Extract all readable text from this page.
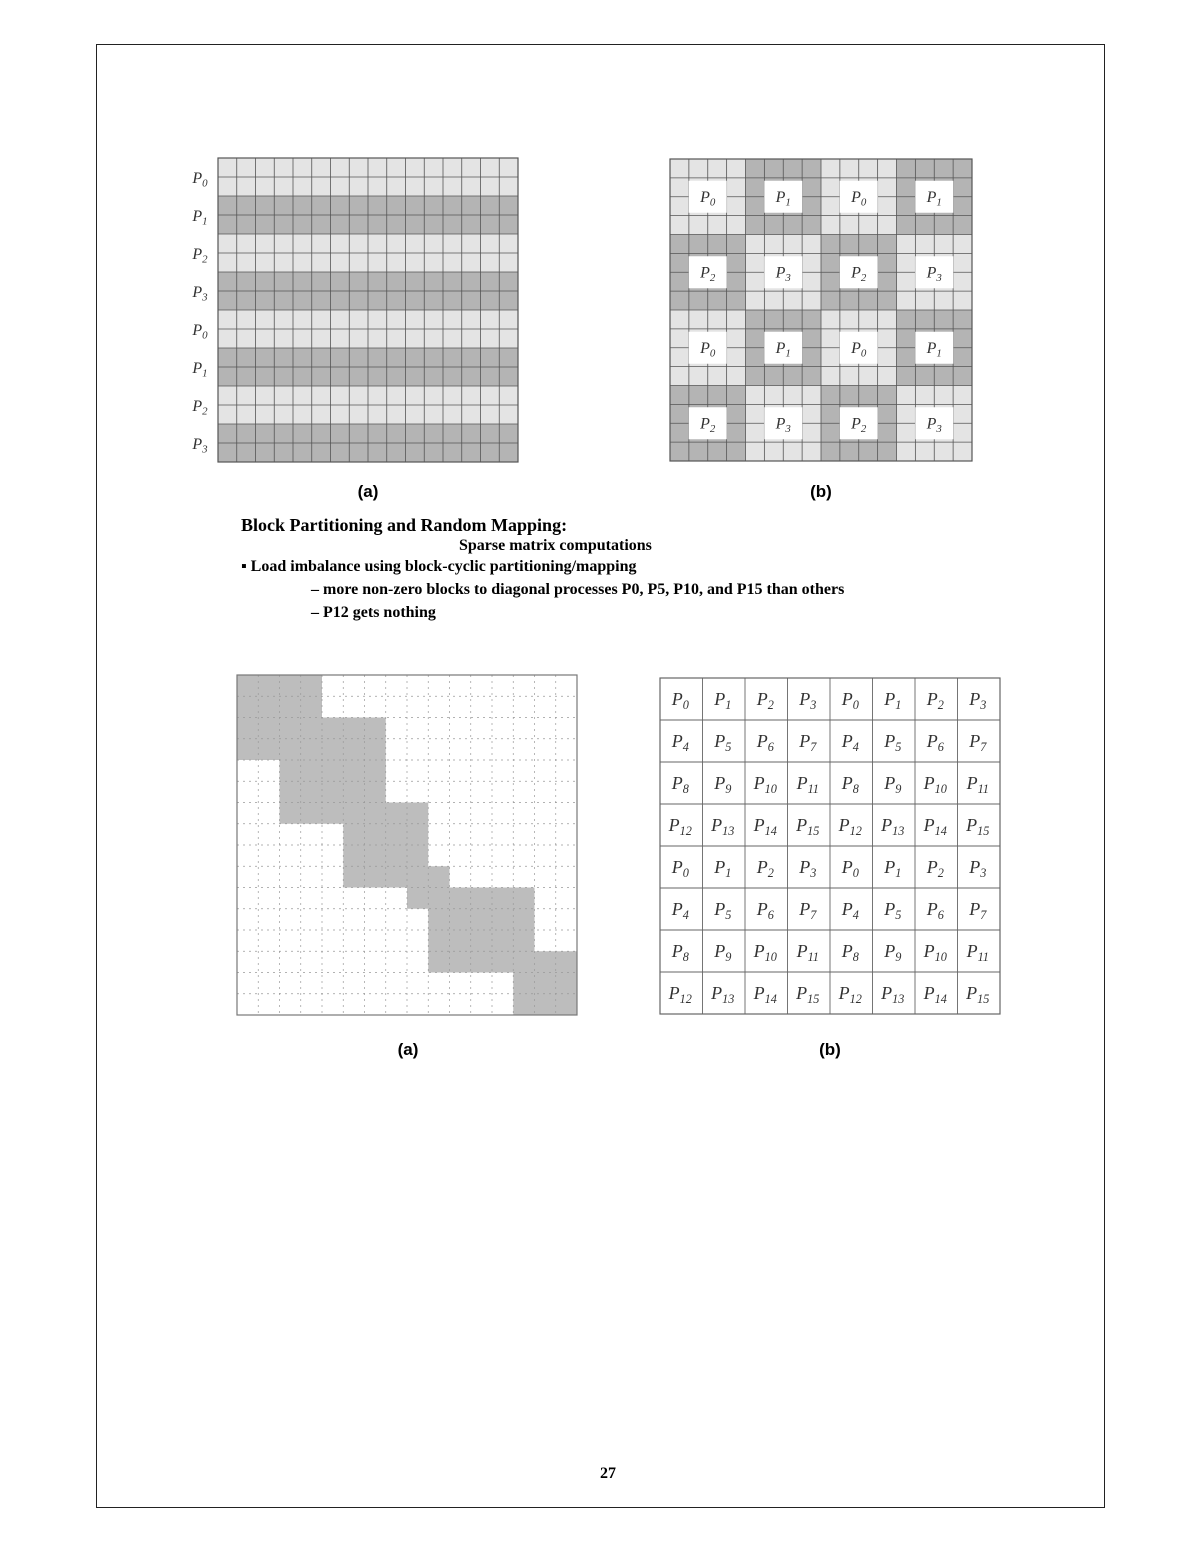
$P_0$
$P_1$
$P_2$
$P_3$
$P_0$
$P_1$
$P_2$
$P_3$
(a)
$P_0$	$P_1$	$P_0$	$P_1$
$P_2$	$P_3$	$P_2$	$P_3$
$P_0$	$P_1$	$P_0$	$P_1$
$P_2$	$P_3$	$P_2$	$P_3$
(b)
Block Partitioning and Random Mapping:
Sparse matrix computations
▪ Load imbalance using block-cyclic partitioning/mapping
– more non-zero blocks to diagonal processes P0, P5, P10, and P15 than others
– P12 gets nothing
(a)
$P_0$ $P_1$ $P_2$ $P_3$ $P_0$ $P_1$ $P_2$ $P_3$
$P_4$ $P_5$ $P_6$ $P_7$ $P_4$ $P_5$ $P_6$ $P_7$
$P_8$ $P_9$ $P_{10}$ $P_{11}$ $P_8$ $P_9$ $P_{10}$ $P_{11}$
$P_{12}$ $P_{13}$ $P_{14}$ $P_{15}$ $P_{12}$ $P_{13}$ $P_{14}$ $P_{15}$
$P_0$ $P_1$ $P_2$ $P_3$ $P_0$ $P_1$ $P_2$ $P_3$
$P_4$ $P_5$ $P_6$ $P_7$ $P_4$ $P_5$ $P_6$ $P_7$
$P_8$ $P_9$ $P_{10}$ $P_{11}$ $P_8$ $P_9$ $P_{10}$ $P_{11}$
$P_{12}$ $P_{13}$ $P_{14}$ $P_{15}$ $P_{12}$ $P_{13}$ $P_{14}$ $P_{15}$
(b)
27
